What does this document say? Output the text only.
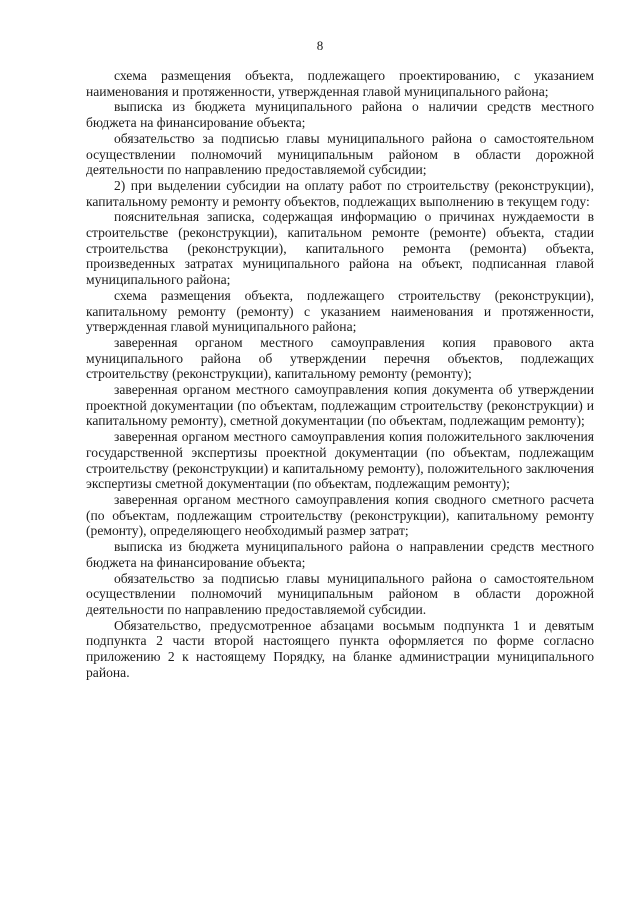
8

схема размещения объекта, подлежащего проектированию, с указанием наименования и протяженности, утвержденная главой муниципального района;

выписка из бюджета муниципального района о наличии средств местного бюджета на финансирование объекта;

обязательство за подписью главы муниципального района о самостоятельном осуществлении полномочий муниципальным районом в области дорожной деятельности по направлению предоставляемой субсидии;

2) при выделении субсидии на оплату работ по строительству (реконструкции), капитальному ремонту и ремонту объектов, подлежащих выполнению в текущем году:

пояснительная записка, содержащая информацию о причинах нуждаемости в строительстве (реконструкции), капитальном ремонте (ремонте) объекта, стадии строительства (реконструкции), капитального ремонта (ремонта) объекта, произведенных затратах муниципального района на объект, подписанная главой муниципального района;

схема размещения объекта, подлежащего строительству (реконструкции), капитальному ремонту (ремонту) с указанием наименования и протяженности, утвержденная главой муниципального района;

заверенная органом местного самоуправления копия правового акта муниципального района об утверждении перечня объектов, подлежащих строительству (реконструкции), капитальному ремонту (ремонту);

заверенная органом местного самоуправления копия документа об утверждении проектной документации (по объектам, подлежащим строительству (реконструкции) и капитальному ремонту), сметной документации (по объектам, подлежащим ремонту);

заверенная органом местного самоуправления копия положительного заключения государственной экспертизы проектной документации (по объектам, подлежащим строительству (реконструкции) и капитальному ремонту), положительного заключения экспертизы сметной документации (по объектам, подлежащим ремонту);

заверенная органом местного самоуправления копия сводного сметного расчета (по объектам, подлежащим строительству (реконструкции), капитальному ремонту (ремонту), определяющего необходимый размер затрат;

выписка из бюджета муниципального района о направлении средств местного бюджета на финансирование объекта;

обязательство за подписью главы муниципального района о самостоятельном осуществлении полномочий муниципальным районом в области дорожной деятельности по направлению предоставляемой субсидии.

Обязательство, предусмотренное абзацами восьмым подпункта 1 и девятым подпункта 2 части второй настоящего пункта оформляется по форме согласно приложению 2 к настоящему Порядку, на бланке администрации муниципального района.
